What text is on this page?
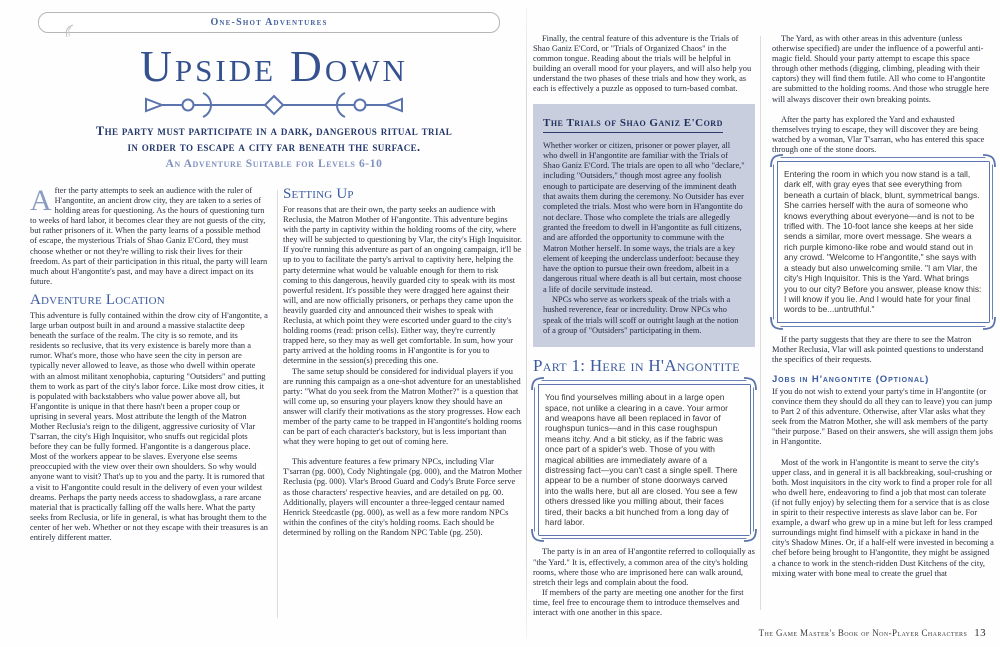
One-Shot Adventures
Upside Down

The party must participate in a dark, dangerous ritual trial

in order to escape a city far beneath the surface.

An Adventure Suitable for Levels 6-10

After the party attempts to seek an audience with the ruler of H'angontite, an ancient drow city, they are taken to a series of holding areas for questioning. As the hours of questioning turn to weeks of hard labor, it becomes clear they are not guests of the city, but rather prisoners of it. When the party learns of a possible method of escape, the mysterious Trials of Shao Ganiz E'Cord, they must choose whether or not they're willing to risk their lives for their freedom. As part of their participation in this ritual, the party will learn much about H'angontite's past, and may have a direct impact on its future.

Adventure Location

This adventure is fully contained within the drow city of H'angontite, a large urban outpost built in and around a massive stalactite deep beneath the surface of the realm. The city is so remote, and its residents so reclusive, that its very existence is barely more than a rumor. What's more, those who have seen the city in person are typically never allowed to leave, as those who dwell within operate with an almost militant xenophobia, capturing "Outsiders" and putting them to work as part of the city's labor force. Like most drow cities, it is populated with backstabbers who value power above all, but H'angontite is unique in that there hasn't been a proper coup or uprising in several years. Most attribute the length of the Matron Mother Reclusia's reign to the diligent, aggressive curiosity of Vlar T'sarran, the city's High Inquisitor, who snuffs out regicidal plots before they can be fully formed. H'angontite is a dangerous place. Most of the workers appear to be slaves. Everyone else seems preoccupied with the view over their own shoulders. So why would anyone want to visit? That's up to you and the party. It is rumored that a visit to H'angontite could result in the delivery of even your wildest dreams. Perhaps the party needs access to shadowglass, a rare arcane material that is practically falling off the walls here. What the party seeks from Reclusia, or life in general, is what has brought them to the center of her web. Whether or not they escape with their treasures is an entirely different matter.

Setting Up

For reasons that are their own, the party seeks an audience with Reclusia, the Matron Mother of H'angontite. This adventure begins with the party in captivity within the holding rooms of the city, where they will be subjected to questioning by Vlar, the city's High Inquisitor. If you're running this adventure as part of an ongoing campaign, it'll be up to you to facilitate the party's arrival to captivity here, helping the party determine what would be valuable enough for them to risk coming to this dangerous, heavily guarded city to speak with its most powerful resident. It's possible they were dragged here against their will, and are now officially prisoners, or perhaps they came upon the heavily guarded city and announced their wishes to speak with Reclusia, at which point they were escorted under guard to the city's holding rooms (read: prison cells). Either way, they're currently trapped here, so they may as well get comfortable. In sum, how your party arrived at the holding rooms in H'angontite is for you to determine in the session(s) preceding this one.

The same setup should be considered for individual players if you are running this campaign as a one-shot adventure for an unestablished party: "What do you seek from the Matron Mother?" is a question that will come up, so ensuring your players know they should have an answer will clarify their motivations as the story progresses. How each member of the party came to be trapped in H'angontite's holding rooms can be part of each character's backstory, but is less important than what they were hoping to get out of coming here.

This adventure features a few primary NPCs, including Vlar T'sarran (pg. 000), Cody Nightingale (pg. 000), and the Matron Mother Reclusia (pg. 000). Vlar's Brood Guard and Cody's Brute Force serve as those characters' respective heavies, and are detailed on pg. 00. Additionally, players will encounter a three-legged centaur named Henrick Steedcastle (pg. 000), as well as a few more random NPCs within the confines of the city's holding rooms. Each should be determined by rolling on the Random NPC Table (pg. 250).

Finally, the central feature of this adventure is the Trials of Shao Ganiz E'Cord, or "Trials of Organized Chaos" in the common tongue. Reading about the trials will be helpful in building an overall mood for your players, and will also help you understand the two phases of these trials and how they work, as each is effectively a puzzle as opposed to turn-based combat.

The Trials of Shao Ganiz E'Cord

Whether worker or citizen, prisoner or power player, all who dwell in H'angontite are familiar with the Trials of Shao Ganiz E'Cord. The trials are open to all who "declare," including "Outsiders," though most agree any foolish enough to participate are deserving of the imminent death that awaits them during the ceremony. No Outsider has ever completed the trials. Most who were born in H'angontite do not declare. Those who complete the trials are allegedly granted the freedom to dwell in H'angontite as full citizens, and are afforded the opportunity to commune with the Matron Mother herself. In some ways, the trials are a key element of keeping the underclass underfoot: because they have the option to pursue their own freedom, albeit in a dangerous ritual where death is all but certain, most choose a life of docile servitude instead.

NPCs who serve as workers speak of the trials with a hushed reverence, fear or incredulity. Drow NPCs who speak of the trials will scoff or outright laugh at the notion of a group of "Outsiders" participating in them.

Part 1: Here in H'Angontite

You find yourselves milling about in a large open space, not unlike a clearing in a cave. Your armor and weapons have all been replaced in favor of roughspun tunics—and in this case roughspun means itchy. And a bit sticky, as if the fabric was once part of a spider's web. Those of you with magical abilities are immediately aware of a distressing fact—you can't cast a single spell. There appear to be a number of stone doorways carved into the walls here, but all are closed. You see a few others dressed like you milling about, their faces tired, their backs a bit hunched from a long day of hard labor.

The party is in an area of H'angontite referred to colloquially as "the Yard." It is, effectively, a common area of the city's holding rooms, where those who are imprisoned here can walk around, stretch their legs and complain about the food.

If members of the party are meeting one another for the first time, feel free to encourage them to introduce themselves and interact with one another in this space.

The Yard, as with other areas in this adventure (unless otherwise specified) are under the influence of a powerful anti-magic field. Should your party attempt to escape this space through other methods (digging, climbing, pleading with their captors) they will find them futile. All who come to H'angontite are submitted to the holding rooms. And those who struggle here will always discover their own breaking points.

After the party has explored the Yard and exhausted themselves trying to escape, they will discover they are being watched by a woman, Vlar T'sarran, who has entered this space through one of the stone doors.

Entering the room in which you now stand is a tall, dark elf, with gray eyes that see everything from beneath a curtain of black, blunt, symmetrical bangs. She carries herself with the aura of someone who knows everything about everyone—and is not to be trifled with. The 10-foot lance she keeps at her side sends a similar, more overt message. She wears a rich purple kimono-like robe and would stand out in any crowd. "Welcome to H'angontite," she says with a steady but also unwelcoming smile. "I am Vlar, the city's High Inquisitor. This is the Yard. What brings you to our city? Before you answer, please know this: I will know if you lie. And I would hate for your final words to be...untruthful."

If the party suggests that they are there to see the Matron Mother Reclusia, Vlar will ask pointed questions to understand the specifics of their requests.

Jobs in H'angontite (Optional)

If you do not wish to extend your party's time in H'angontite (or convince them they should do all they can to leave) you can jump to Part 2 of this adventure. Otherwise, after Vlar asks what they seek from the Matron Mother, she will ask members of the party "their purpose." Based on their answers, she will assign them jobs in H'angontite.

Most of the work in H'angontite is meant to serve the city's upper class, and in general it is all backbreaking, soul-crushing or both. Most inquisitors in the city work to find a proper role for all who dwell here, endeavoring to find a job that most can tolerate (if not fully enjoy) by selecting them for a service that is as close in spirit to their respective interests as slave labor can be. For example, a dwarf who grew up in a mine but left for less cramped surroundings might find himself with a pickaxe in hand in the city's Shadow Mines. Or, if a half-elf were invested in becoming a chef before being brought to H'angontite, they might be assigned a chance to work in the stench-ridden Dust Kitchens of the city, mixing water with bone meal to create the gruel that

The Game Master's Book of Non-Player Characters 13
